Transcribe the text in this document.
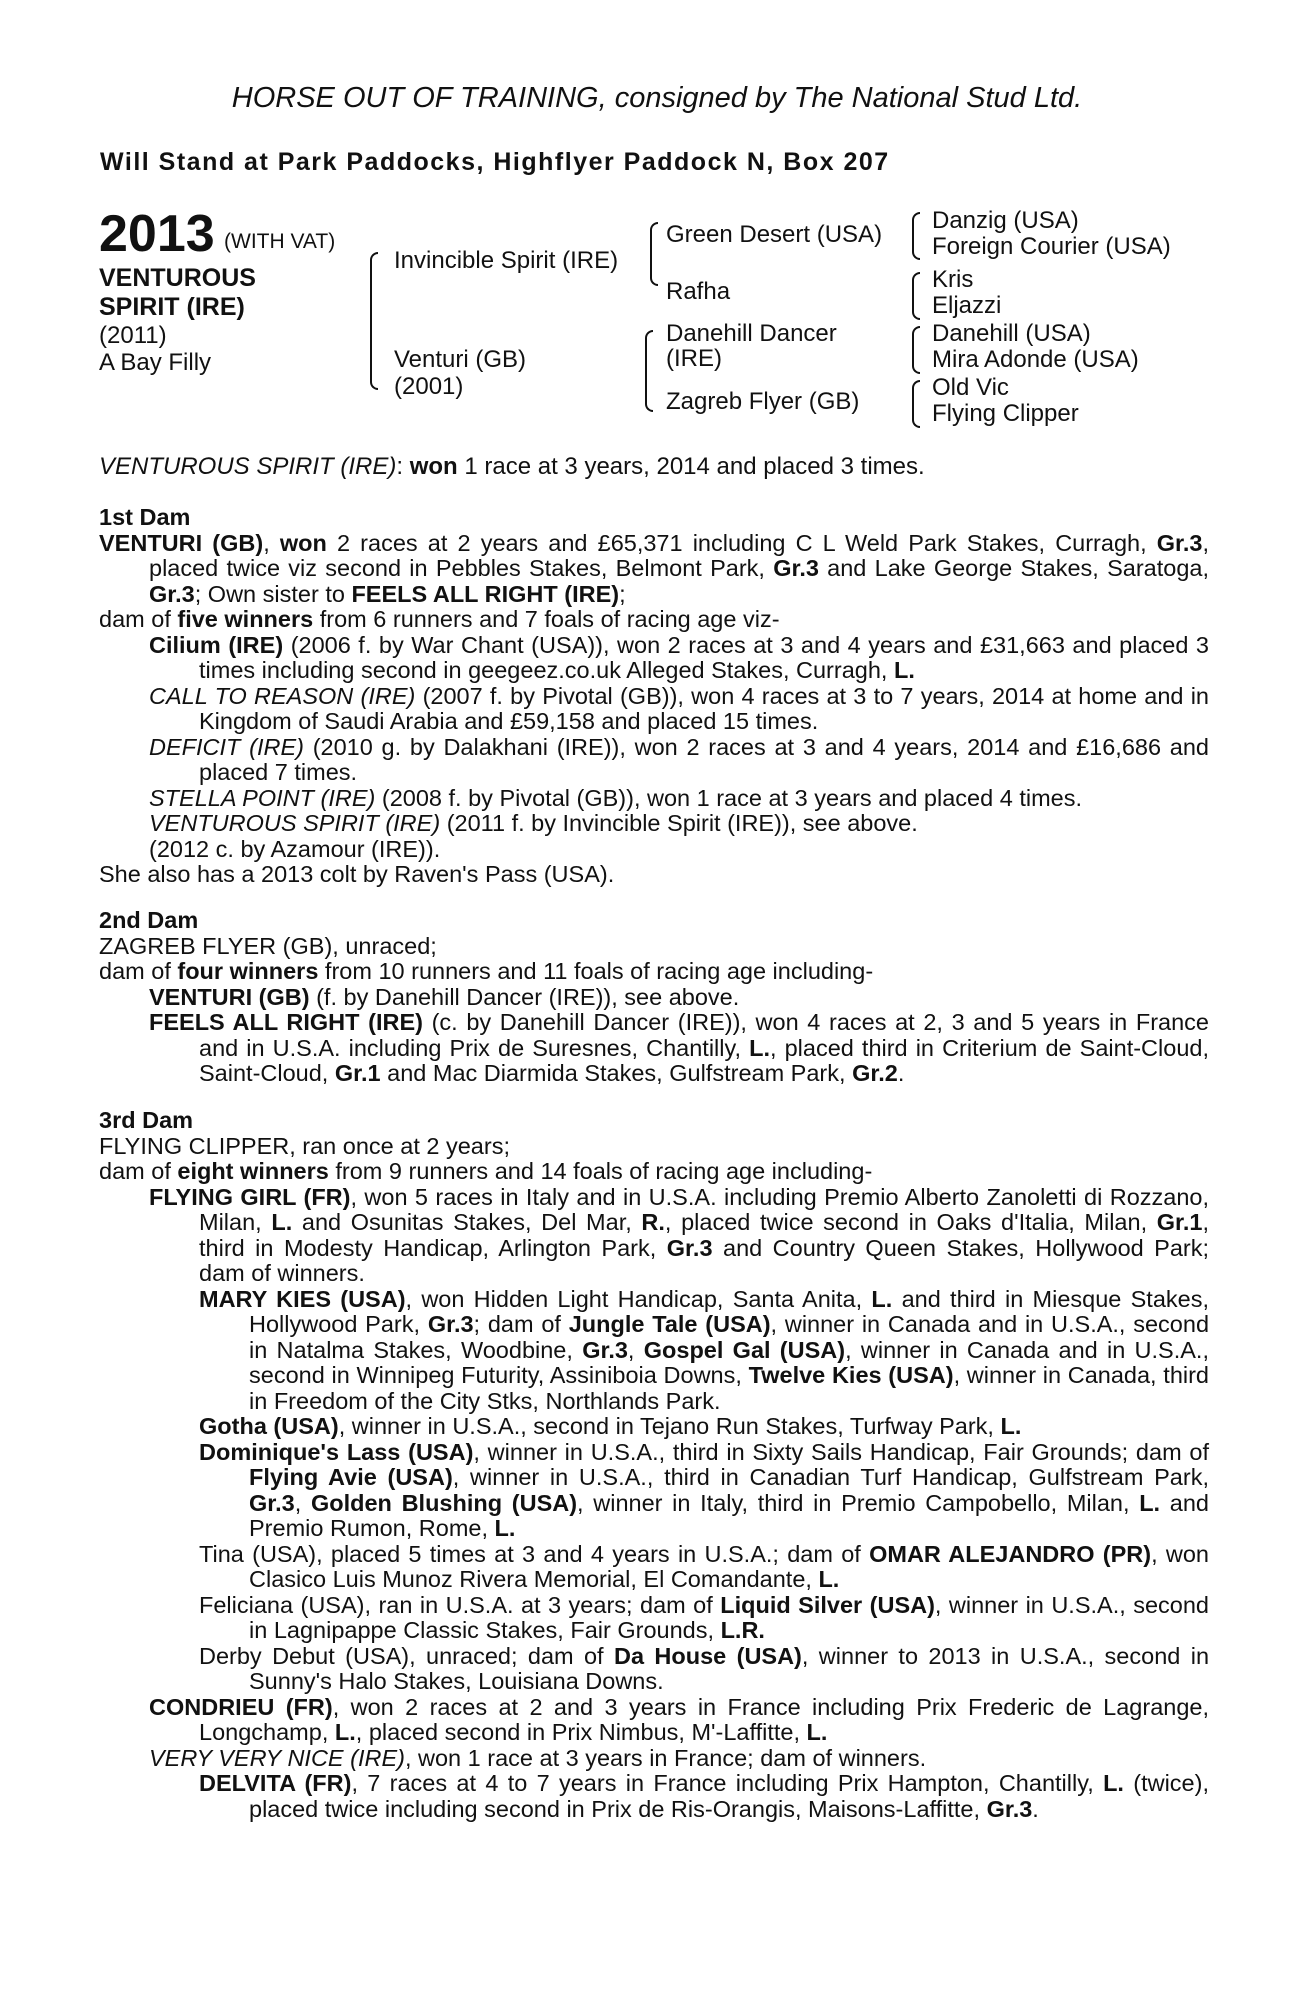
HORSE OUT OF TRAINING, consigned by The National Stud Ltd.
Will Stand at Park Paddocks, Highflyer Paddock N, Box 207
2013 (WITH VAT)
VENTUROUS
SPIRIT (IRE)
(2011)
A Bay Filly
Invincible Spirit (IRE)
Venturi (GB)
(2001)
Green Desert (USA)
Rafha
Danehill Dancer
(IRE)
Zagreb Flyer (GB)
Danzig (USA)
Foreign Courier (USA)
Kris
Eljazzi
Danehill (USA)
Mira Adonde (USA)
Old Vic
Flying Clipper
VENTUROUS SPIRIT (IRE): won 1 race at 3 years, 2014 and placed 3 times.
1st Dam

VENTURI (GB), won 2 races at 2 years and £65,371 including C L Weld Park Stakes, Curragh, Gr.3, placed twice viz second in Pebbles Stakes, Belmont Park, Gr.3 and Lake George Stakes, Saratoga, Gr.3; Own sister to FEELS ALL RIGHT (IRE);

dam of five winners from 6 runners and 7 foals of racing age viz-

Cilium (IRE) (2006 f. by War Chant (USA)), won 2 races at 3 and 4 years and £31,663 and placed 3 times including second in geegeez.co.uk Alleged Stakes, Curragh, L.

CALL TO REASON (IRE) (2007 f. by Pivotal (GB)), won 4 races at 3 to 7 years, 2014 at home and in Kingdom of Saudi Arabia and £59,158 and placed 15 times.

DEFICIT (IRE) (2010 g. by Dalakhani (IRE)), won 2 races at 3 and 4 years, 2014 and £16,686 and placed 7 times.

STELLA POINT (IRE) (2008 f. by Pivotal (GB)), won 1 race at 3 years and placed 4 times.

VENTUROUS SPIRIT (IRE) (2011 f. by Invincible Spirit (IRE)), see above.

(2012 c. by Azamour (IRE)).

She also has a 2013 colt by Raven's Pass (USA).

2nd Dam

ZAGREB FLYER (GB), unraced;

dam of four winners from 10 runners and 11 foals of racing age including-

VENTURI (GB) (f. by Danehill Dancer (IRE)), see above.

FEELS ALL RIGHT (IRE) (c. by Danehill Dancer (IRE)), won 4 races at 2, 3 and 5 years in France and in U.S.A. including Prix de Suresnes, Chantilly, L., placed third in Criterium de Saint-Cloud, Saint-Cloud, Gr.1 and Mac Diarmida Stakes, Gulfstream Park, Gr.2.

3rd Dam

FLYING CLIPPER, ran once at 2 years;

dam of eight winners from 9 runners and 14 foals of racing age including-

FLYING GIRL (FR), won 5 races in Italy and in U.S.A. including Premio Alberto Zanoletti di Rozzano, Milan, L. and Osunitas Stakes, Del Mar, R., placed twice second in Oaks d'Italia, Milan, Gr.1, third in Modesty Handicap, Arlington Park, Gr.3 and Country Queen Stakes, Hollywood Park; dam of winners.

MARY KIES (USA), won Hidden Light Handicap, Santa Anita, L. and third in Miesque Stakes, Hollywood Park, Gr.3; dam of Jungle Tale (USA), winner in Canada and in U.S.A., second in Natalma Stakes, Woodbine, Gr.3, Gospel Gal (USA), winner in Canada and in U.S.A., second in Winnipeg Futurity, Assiniboia Downs, Twelve Kies (USA), winner in Canada, third in Freedom of the City Stks, Northlands Park.

Gotha (USA), winner in U.S.A., second in Tejano Run Stakes, Turfway Park, L.

Dominique's Lass (USA), winner in U.S.A., third in Sixty Sails Handicap, Fair Grounds; dam of Flying Avie (USA), winner in U.S.A., third in Canadian Turf Handicap, Gulfstream Park, Gr.3, Golden Blushing (USA), winner in Italy, third in Premio Campobello, Milan, L. and Premio Rumon, Rome, L.

Tina (USA), placed 5 times at 3 and 4 years in U.S.A.; dam of OMAR ALEJANDRO (PR), won Clasico Luis Munoz Rivera Memorial, El Comandante, L.

Feliciana (USA), ran in U.S.A. at 3 years; dam of Liquid Silver (USA), winner in U.S.A., second in Lagnipappe Classic Stakes, Fair Grounds, L.R.

Derby Debut (USA), unraced; dam of Da House (USA), winner to 2013 in U.S.A., second in Sunny's Halo Stakes, Louisiana Downs.

CONDRIEU (FR), won 2 races at 2 and 3 years in France including Prix Frederic de Lagrange, Longchamp, L., placed second in Prix Nimbus, M'-Laffitte, L.

VERY VERY NICE (IRE), won 1 race at 3 years in France; dam of winners.

DELVITA (FR), 7 races at 4 to 7 years in France including Prix Hampton, Chantilly, L. (twice), placed twice including second in Prix de Ris-Orangis, Maisons-Laffitte, Gr.3.
